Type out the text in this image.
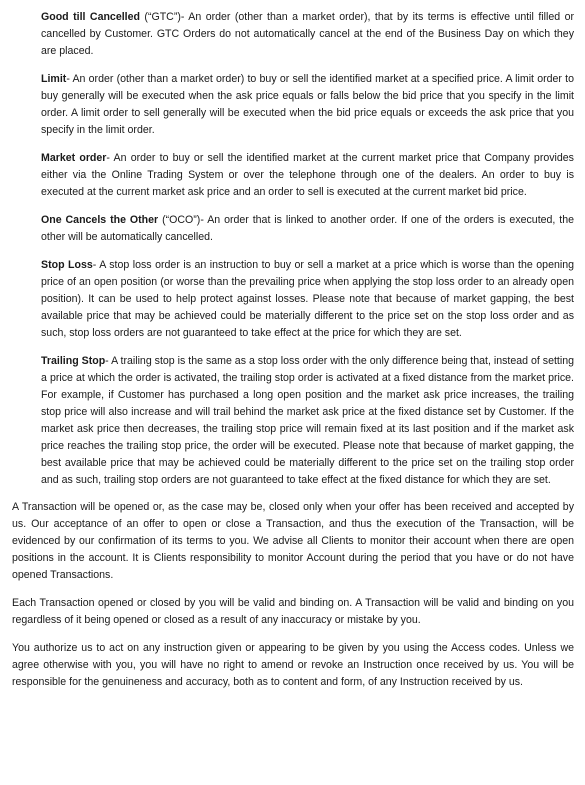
Good till Cancelled (“GTC”)- An order (other than a market order), that by its terms is effective until filled or cancelled by Customer. GTC Orders do not automatically cancel at the end of the Business Day on which they are placed.

Limit- An order (other than a market order) to buy or sell the identified market at a specified price. A limit order to buy generally will be executed when the ask price equals or falls below the bid price that you specify in the limit order. A limit order to sell generally will be executed when the bid price equals or exceeds the ask price that you specify in the limit order.

Market order- An order to buy or sell the identified market at the current market price that Company provides either via the Online Trading System or over the telephone through one of the dealers. An order to buy is executed at the current market ask price and an order to sell is executed at the current market bid price.

One Cancels the Other (“OCO”)- An order that is linked to another order. If one of the orders is executed, the other will be automatically cancelled.

Stop Loss- A stop loss order is an instruction to buy or sell a market at a price which is worse than the opening price of an open position (or worse than the prevailing price when applying the stop loss order to an already open position). It can be used to help protect against losses. Please note that because of market gapping, the best available price that may be achieved could be materially different to the price set on the stop loss order and as such, stop loss orders are not guaranteed to take effect at the price for which they are set.

Trailing Stop- A trailing stop is the same as a stop loss order with the only difference being that, instead of setting a price at which the order is activated, the trailing stop order is activated at a fixed distance from the market price. For example, if Customer has purchased a long open position and the market ask price increases, the trailing stop price will also increase and will trail behind the market ask price at the fixed distance set by Customer. If the market ask price then decreases, the trailing stop price will remain fixed at its last position and if the market ask price reaches the trailing stop price, the order will be executed. Please note that because of market gapping, the best available price that may be achieved could be materially different to the price set on the trailing stop order and as such, trailing stop orders are not guaranteed to take effect at the fixed distance for which they are set.

A Transaction will be opened or, as the case may be, closed only when your offer has been received and accepted by us. Our acceptance of an offer to open or close a Transaction, and thus the execution of the Transaction, will be evidenced by our confirmation of its terms to you. We advise all Clients to monitor their account when there are open positions in the account. It is Clients responsibility to monitor Account during the period that you have or do not have opened Transactions.

Each Transaction opened or closed by you will be valid and binding on. A Transaction will be valid and binding on you regardless of it being opened or closed as a result of any inaccuracy or mistake by you.

You authorize us to act on any instruction given or appearing to be given by you using the Access codes. Unless we agree otherwise with you, you will have no right to amend or revoke an Instruction once received by us. You will be responsible for the genuineness and accuracy, both as to content and form, of any Instruction received by us.
